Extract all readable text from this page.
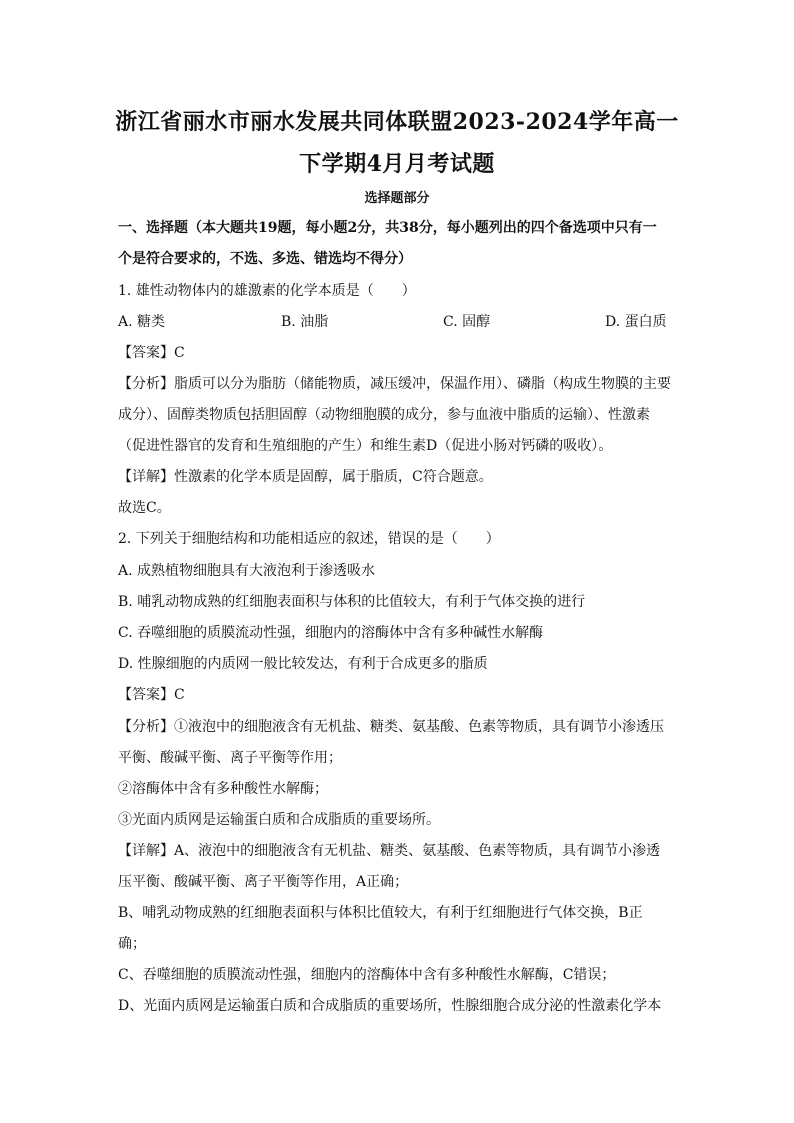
浙江省丽水市丽水发展共同体联盟2023-2024学年高一
下学期4月月考试题

选择题部分

一、选择题（本大题共19题，每小题2分，共38分，每小题列出的四个备选项中只有一

个是符合要求的，不选、多选、错选均不得分）

1. 雄性动物体内的雄激素的化学本质是（　　）

A. 糖类	B. 油脂	C. 固醇	D. 蛋白质

【答案】C

【分析】脂质可以分为脂肪（储能物质，减压缓冲，保温作用）、磷脂（构成生物膜的主要

成分）、固醇类物质包括胆固醇（动物细胞膜的成分，参与血液中脂质的运输）、性激素

（促进性器官的发育和生殖细胞的产生）和维生素D（促进小肠对钙磷的吸收）。

【详解】性激素的化学本质是固醇，属于脂质，C符合题意。

故选C。

2. 下列关于细胞结构和功能相适应的叙述，错误的是（　　）

A. 成熟植物细胞具有大液泡利于渗透吸水

B. 哺乳动物成熟的红细胞表面积与体积的比值较大，有利于气体交换的进行

C. 吞噬细胞的质膜流动性强，细胞内的溶酶体中含有多种碱性水解酶

D. 性腺细胞的内质网一般比较发达，有利于合成更多的脂质

【答案】C

【分析】①液泡中的细胞液含有无机盐、糖类、氨基酸、色素等物质，具有调节小渗透压

平衡、酸碱平衡、离子平衡等作用；

②溶酶体中含有多种酸性水解酶；

③光面内质网是运输蛋白质和合成脂质的重要场所。

【详解】A、液泡中的细胞液含有无机盐、糖类、氨基酸、色素等物质，具有调节小渗透

压平衡、酸碱平衡、离子平衡等作用，A正确；

B、哺乳动物成熟的红细胞表面积与体积比值较大，有利于红细胞进行气体交换，B正

确；

C、吞噬细胞的质膜流动性强，细胞内的溶酶体中含有多种酸性水解酶，C错误；

D、光面内质网是运输蛋白质和合成脂质的重要场所，性腺细胞合成分泌的性激素化学本
